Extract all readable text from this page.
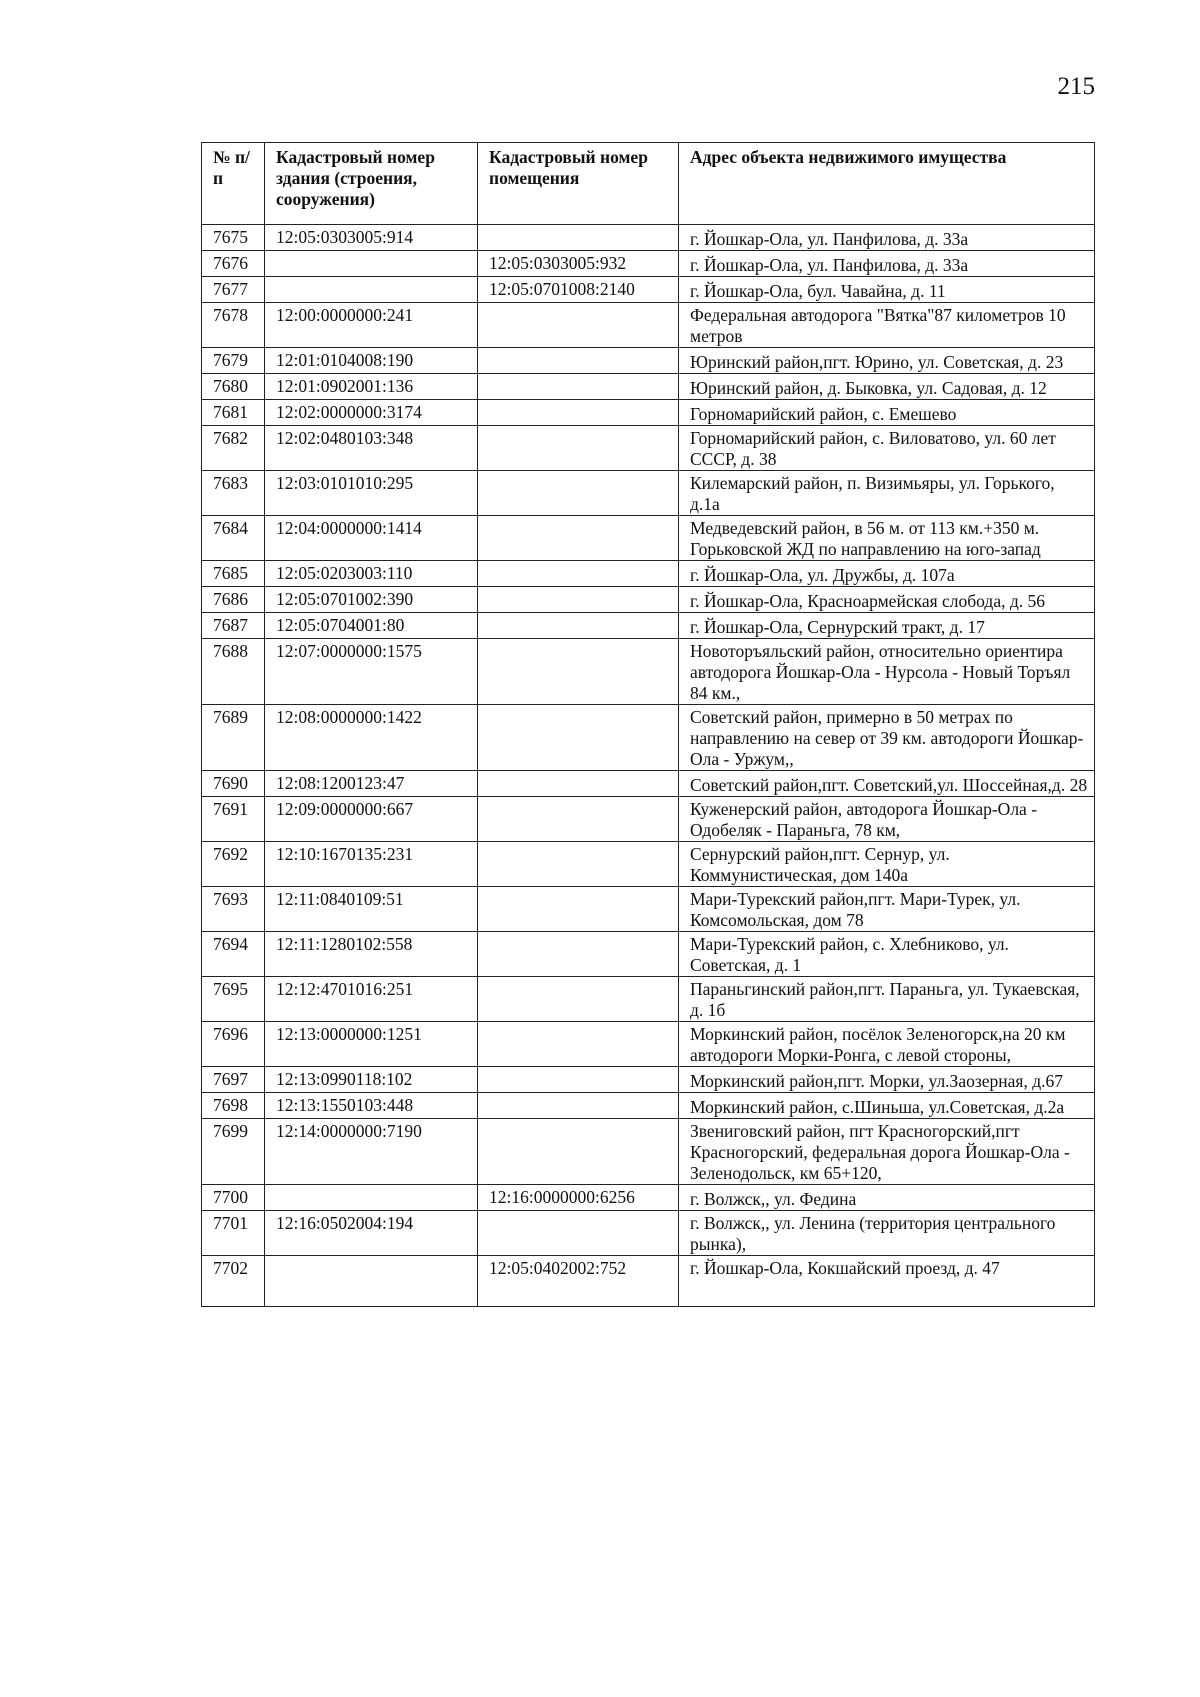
215
№ п/п	Кадастровый номер здания (строения, сооружения)	Кадастровый номер помещения	Адрес объекта недвижимого имущества
7675	12:05:0303005:914		г. Йошкар-Ола, ул. Панфилова, д. 33а
7676		12:05:0303005:932	г. Йошкар-Ола, ул. Панфилова, д. 33а
7677		12:05:0701008:2140	г. Йошкар-Ола, бул. Чавайна, д. 11
7678	12:00:0000000:241		Федеральная автодорога "Вятка"87 километров 10 метров
7679	12:01:0104008:190		Юринский район,пгт. Юрино, ул. Советская, д. 23
7680	12:01:0902001:136		Юринский район, д. Быковка, ул. Садовая, д. 12
7681	12:02:0000000:3174		Горномарийский район, с. Емешево
7682	12:02:0480103:348		Горномарийский район, с. Виловатово, ул. 60 лет СССР, д. 38
7683	12:03:0101010:295		Килемарский район, п. Визимьяры, ул. Горького, д.1а
7684	12:04:0000000:1414		Медведевский район, в 56 м. от 113 км.+350 м. Горьковской ЖД по направлению на юго-запад
7685	12:05:0203003:110		г. Йошкар-Ола, ул. Дружбы, д. 107а
7686	12:05:0701002:390		г. Йошкар-Ола, Красноармейская слобода, д. 56
7687	12:05:0704001:80		г. Йошкар-Ола, Сернурский тракт, д. 17
7688	12:07:0000000:1575		Новоторъяльский район, относительно ориентира автодорога Йошкар-Ола - Нурсола - Новый Торъял 84 км.,
7689	12:08:0000000:1422		Советский район, примерно в 50 метрах по направлению на север от 39 км. автодороги Йошкар-Ола - Уржум,,
7690	12:08:1200123:47		Советский район,пгт. Советский,ул. Шоссейная,д. 28
7691	12:09:0000000:667		Куженерский район, автодорога Йошкар-Ола - Одобеляк - Параньга, 78 км,
7692	12:10:1670135:231		Сернурский район,пгт. Сернур, ул. Коммунистическая, дом 140а
7693	12:11:0840109:51		Мари-Турекский район,пгт. Мари-Турек, ул. Комсомольская, дом 78
7694	12:11:1280102:558		Мари-Турекский район, с. Хлебниково, ул. Советская, д. 1
7695	12:12:4701016:251		Параньгинский район,пгт. Параньга, ул. Тукаевская, д. 1б
7696	12:13:0000000:1251		Моркинский район, посёлок Зеленогорск,на 20 км автодороги Морки-Ронга, с левой стороны,
7697	12:13:0990118:102		Моркинский район,пгт. Морки, ул.Заозерная, д.67
7698	12:13:1550103:448		Моркинский район, с.Шиньша, ул.Советская, д.2а
7699	12:14:0000000:7190		Звениговский район, пгт Красногорский,пгт Красногорский, федеральная дорога Йошкар-Ола - Зеленодольск, км 65+120,
7700		12:16:0000000:6256	г. Волжск,, ул. Федина
7701	12:16:0502004:194		г. Волжск,, ул. Ленина (территория центрального рынка),
7702		12:05:0402002:752	г. Йошкар-Ола, Кокшайский проезд, д. 47
